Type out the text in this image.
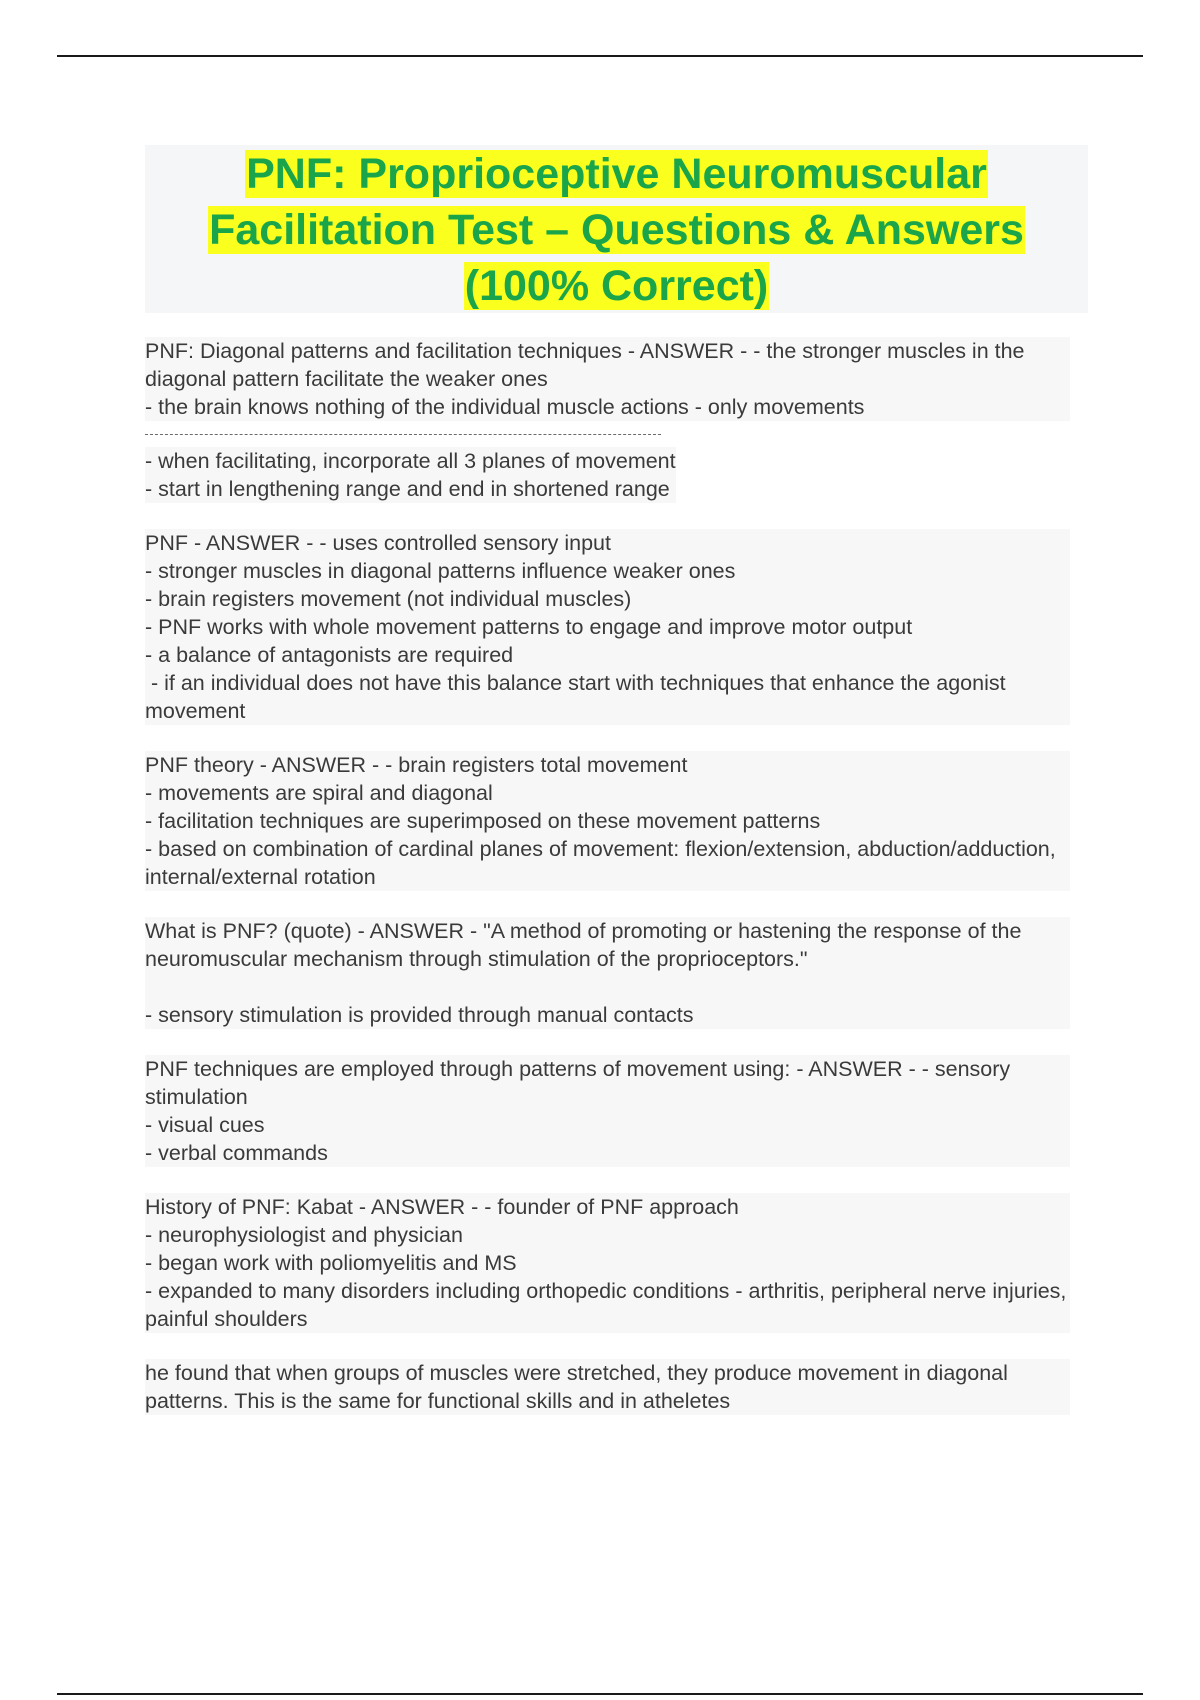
PNF: Proprioceptive Neuromuscular
Facilitation Test – Questions & Answers
(100% Correct)

PNF: Diagonal patterns and facilitation techniques - ANSWER - - the stronger muscles in the diagonal pattern facilitate the weaker ones
- the brain knows nothing of the individual muscle actions - only movements

- when facilitating, incorporate all 3 planes of movement
- start in lengthening range and end in shortened range

PNF - ANSWER - - uses controlled sensory input
- stronger muscles in diagonal patterns influence weaker ones
- brain registers movement (not individual muscles)
- PNF works with whole movement patterns to engage and improve motor output
- a balance of antagonists are required
- if an individual does not have this balance start with techniques that enhance the agonist movement

PNF theory - ANSWER - - brain registers total movement
- movements are spiral and diagonal
- facilitation techniques are superimposed on these movement patterns
- based on combination of cardinal planes of movement: flexion/extension, abduction/adduction, internal/external rotation

What is PNF? (quote) - ANSWER - "A method of promoting or hastening the response of the neuromuscular mechanism through stimulation of the proprioceptors."

- sensory stimulation is provided through manual contacts

PNF techniques are employed through patterns of movement using: - ANSWER - - sensory stimulation
- visual cues
- verbal commands

History of PNF: Kabat - ANSWER - - founder of PNF approach
- neurophysiologist and physician
- began work with poliomyelitis and MS
- expanded to many disorders including orthopedic conditions - arthritis, peripheral nerve injuries, painful shoulders

he found that when groups of muscles were stretched, they produce movement in diagonal patterns. This is the same for functional skills and in atheletes
